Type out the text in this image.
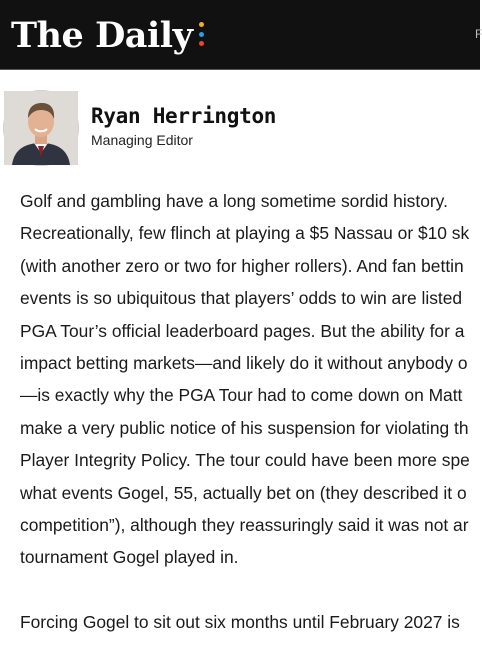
The Daily	F
Ryan Herrington
Managing Editor

Golf and gambling have a long sometime sordid history.
Recreationally, few flinch at playing a $5 Nassau or $10 sk
(with another zero or two for higher rollers). And fan bettin
events is so ubiquitous that players’ odds to win are listed
PGA Tour’s official leaderboard pages. But the ability for a
impact betting markets—and likely do it without anybody o
—is exactly why the PGA Tour had to come down on Matt
make a very public notice of his suspension for violating th
Player Integrity Policy. The tour could have been more spe
what events Gogel, 55, actually bet on (they described it o
competition”), although they reassuringly said it was not ar
tournament Gogel played in.

Forcing Gogel to sit out six months until February 2027 is
